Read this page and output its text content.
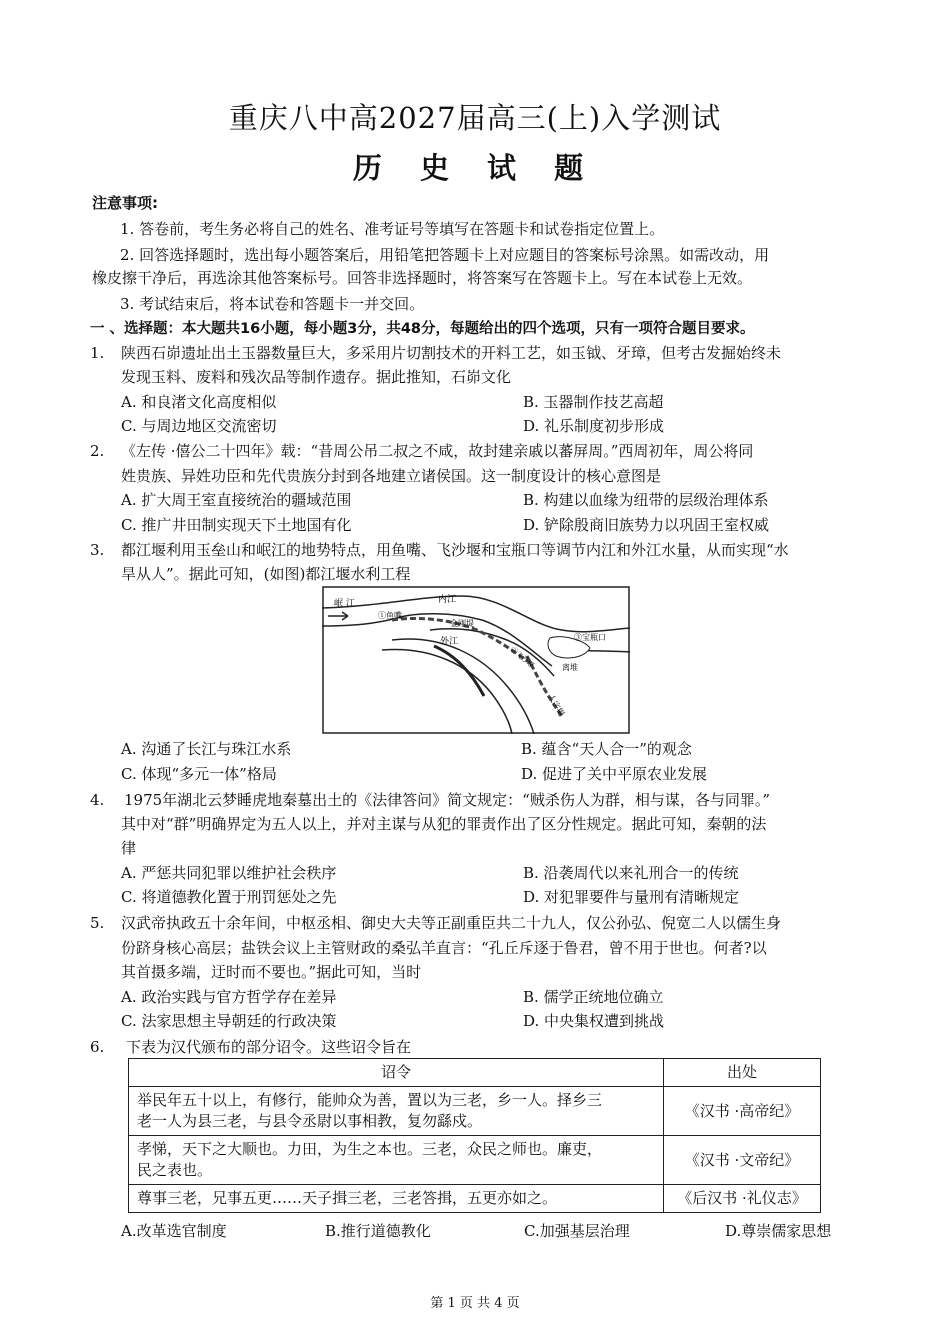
重庆八中高2027届高三(上)入学测试
历 史 试 题
注意事项:
1. 答卷前，考生务必将自己的姓名、准考证号等填写在答题卡和试卷指定位置上。
2. 回答选择题时，选出每小题答案后，用铅笔把答题卡上对应题目的答案标号涂黑。如需改动，用
橡皮擦干净后，再选涂其他答案标号。回答非选择题时，将答案写在答题卡上。写在本试卷上无效。
3. 考试结束后，将本试卷和答题卡一并交回。
一 、选择题：本大题共16小题，每小题3分，共48分，每题给出的四个选项，只有一项符合题目要求。
1. 陕西石峁遗址出土玉器数量巨大，多采用片切割技术的开料工艺，如玉钺、牙璋，但考古发掘始终未
发现玉料、废料和残次品等制作遗存。据此推知，石峁文化
A. 和良渚文化高度相似	B. 玉器制作技艺高超
C. 与周边地区交流密切	D. 礼乐制度初步形成
2. 《左传 ·僖公二十四年》载：“昔周公吊二叔之不咸，故封建亲戚以蕃屏周。”西周初年，周公将同
姓贵族、异姓功臣和先代贵族分封到各地建立诸侯国。这一制度设计的核心意图是
A. 扩大周王室直接统治的疆域范围	B. 构建以血缘为纽带的层级治理体系
C. 推广井田制实现天下土地国有化	D. 铲除殷商旧族势力以巩固王室权威
3. 都江堰利用玉垒山和岷江的地势特点，用鱼嘴、飞沙堰和宝瓶口等调节内江和外江水量，从而实现“水
旱从人”。据此可知，(如图)都江堰水利工程
岷 江	内江
外江
①鱼嘴
金刚堤
②飞沙堰
③宝瓶口
离堆
人字堤
A. 沟通了长江与珠江水系	B. 蕴含“天人合一”的观念
C. 体现“多元一体”格局	D. 促进了关中平原农业发展
4. 1975年湖北云梦睡虎地秦墓出土的《法律答问》简文规定：“贼杀伤人为群，相与谋，各与同罪。”
其中对“群”明确界定为五人以上，并对主谋与从犯的罪责作出了区分性规定。据此可知，秦朝的法
律
A. 严惩共同犯罪以维护社会秩序	B. 沿袭周代以来礼刑合一的传统
C. 将道德教化置于刑罚惩处之先	D. 对犯罪要件与量刑有清晰规定
5. 汉武帝执政五十余年间，中枢丞相、御史大夫等正副重臣共二十九人，仅公孙弘、倪宽二人以儒生身
份跻身核心高层；盐铁会议上主管财政的桑弘羊直言：“孔丘斥逐于鲁君，曾不用于世也。何者?以
其首摄多端，迂时而不要也。”据此可知，当时
A. 政治实践与官方哲学存在差异	B. 儒学正统地位确立
C. 法家思想主导朝廷的行政决策	D. 中央集权遭到挑战
6. 下表为汉代颁布的部分诏令。这些诏令旨在
诏令	出处
举民年五十以上，有修行，能帅众为善，置以为三老，乡一人。择乡三
老一人为县三老，与县令丞尉以事相教，复勿繇戍。	《汉书 ·高帝纪》
孝悌，天下之大顺也。力田，为生之本也。三老，众民之师也。廉吏，
民之表也。	《汉书 ·文帝纪》
尊事三老，兄事五更……天子揖三老，三老答揖，五更亦如之。	《后汉书 ·礼仪志》
A.改革选官制度	B.推行道德教化	C.加强基层治理	D.尊崇儒家思想
第 1 页 共 4 页
